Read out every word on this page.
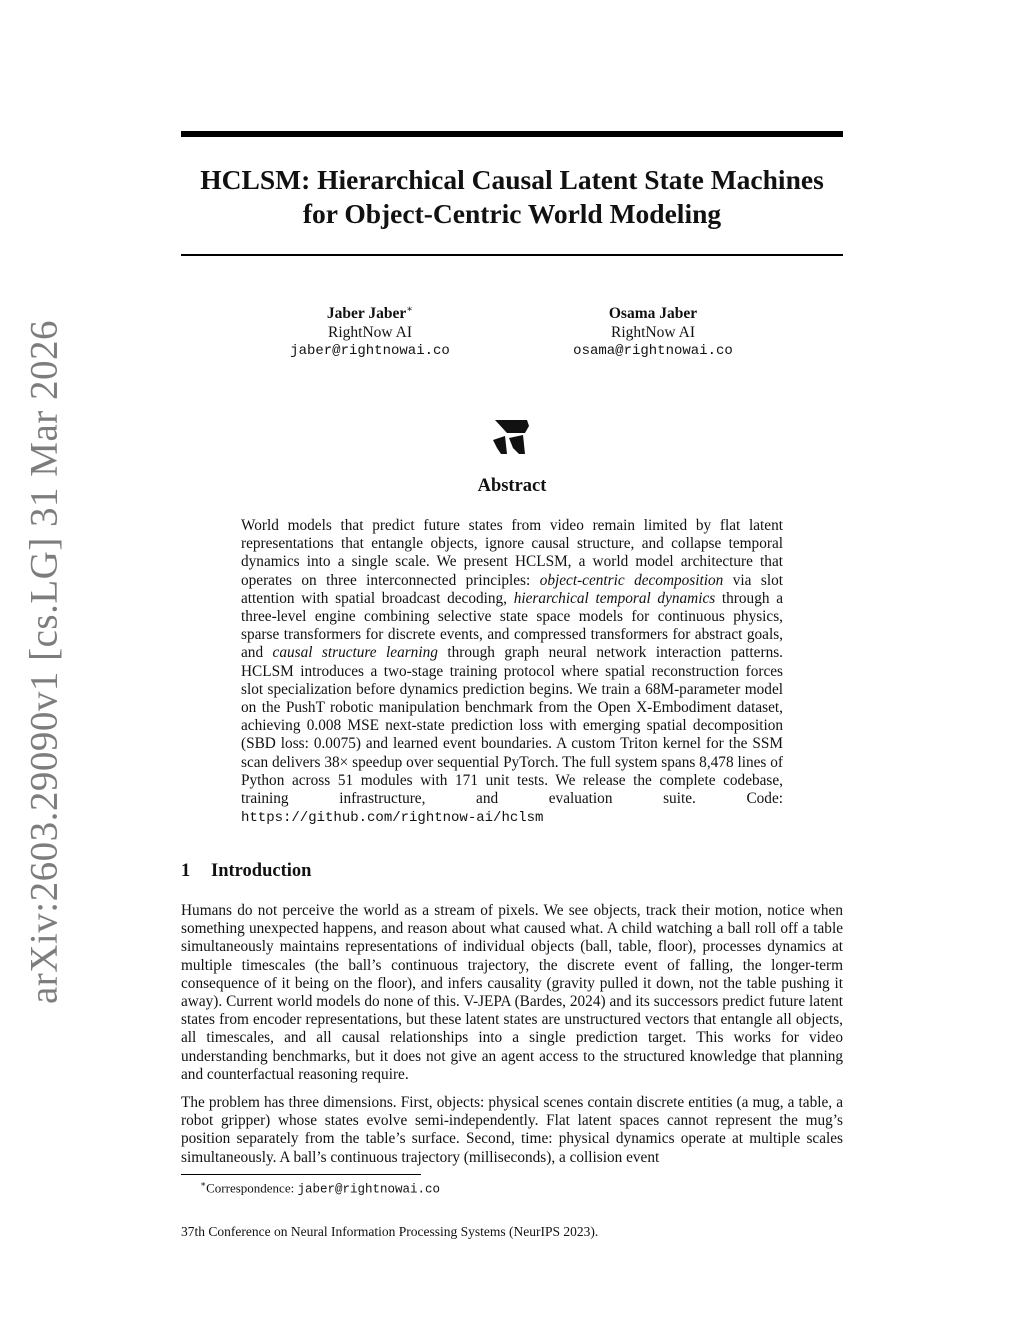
arXiv:2603.29090v1 [cs.LG] 31 Mar 2026
HCLSM: Hierarchical Causal Latent State Machines
for Object-Centric World Modeling
Jaber Jaber∗
RightNow AI
jaber@rightnowai.co
Osama Jaber
RightNow AI
osama@rightnowai.co
Abstract
World models that predict future states from video remain limited by flat latent representations that entangle objects, ignore causal structure, and collapse temporal dynamics into a single scale. We present HCLSM, a world model architecture that operates on three interconnected principles: object-centric decomposition via slot attention with spatial broadcast decoding, hierarchical temporal dynamics through a three-level engine combining selective state space models for continuous physics, sparse transformers for discrete events, and compressed transformers for abstract goals, and causal structure learning through graph neural network interaction patterns. HCLSM introduces a two-stage training protocol where spatial reconstruction forces slot specialization before dynamics prediction begins. We train a 68M-parameter model on the PushT robotic manipulation benchmark from the Open X-Embodiment dataset, achieving 0.008 MSE next-state prediction loss with emerging spatial decomposition (SBD loss: 0.0075) and learned event boundaries. A custom Triton kernel for the SSM scan delivers 38× speedup over sequential PyTorch. The full system spans 8,478 lines of Python across 51 modules with 171 unit tests. We release the complete codebase, training infrastructure, and evaluation suite. Code: https://github.com/rightnow-ai/hclsm
1 Introduction
Humans do not perceive the world as a stream of pixels. We see objects, track their motion, notice when something unexpected happens, and reason about what caused what. A child watching a ball roll off a table simultaneously maintains representations of individual objects (ball, table, floor), processes dynamics at multiple timescales (the ball’s continuous trajectory, the discrete event of falling, the longer-term consequence of it being on the floor), and infers causality (gravity pulled it down, not the table pushing it away). Current world models do none of this. V-JEPA (Bardes, 2024) and its successors predict future latent states from encoder representations, but these latent states are unstructured vectors that entangle all objects, all timescales, and all causal relationships into a single prediction target. This works for video understanding benchmarks, but it does not give an agent access to the structured knowledge that planning and counterfactual reasoning require.
The problem has three dimensions. First, objects: physical scenes contain discrete entities (a mug, a table, a robot gripper) whose states evolve semi-independently. Flat latent spaces cannot represent the mug’s position separately from the table’s surface. Second, time: physical dynamics operate at multiple scales simultaneously. A ball’s continuous trajectory (milliseconds), a collision event
∗Correspondence: jaber@rightnowai.co
37th Conference on Neural Information Processing Systems (NeurIPS 2023).
